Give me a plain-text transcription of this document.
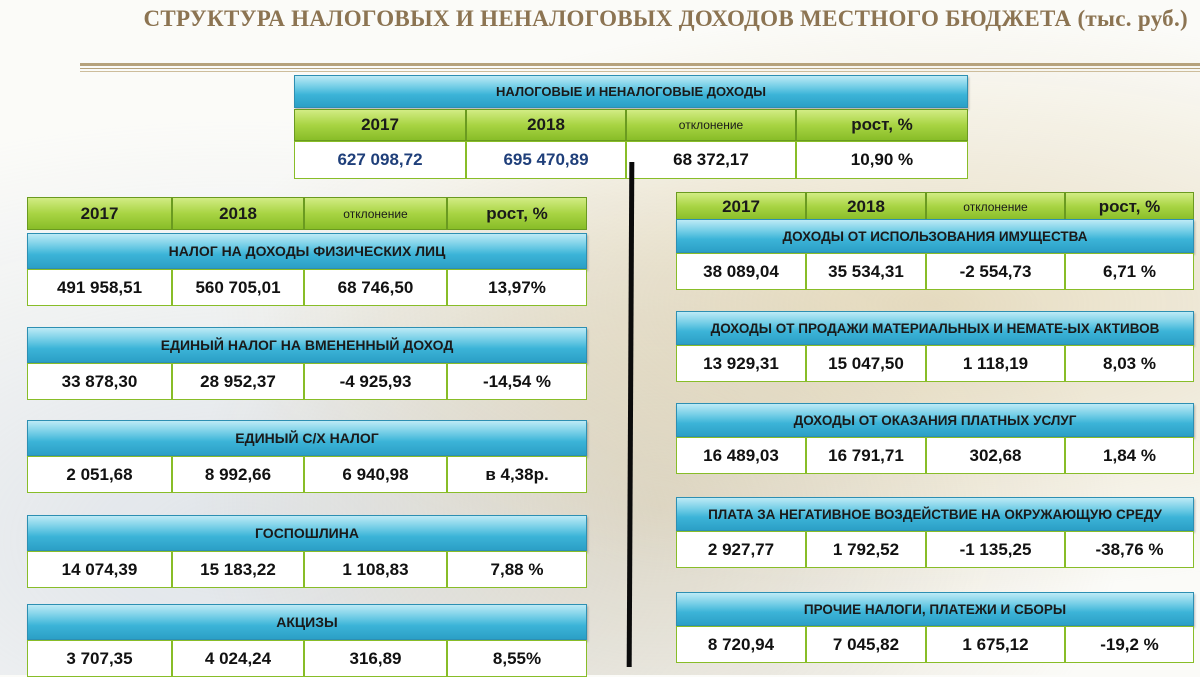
СТРУКТУРА НАЛОГОВЫХ И НЕНАЛОГОВЫХ ДОХОДОВ МЕСТНОГО БЮДЖЕТА (тыс. руб.)
НАЛОГОВЫЕ И НЕНАЛОГОВЫЕ ДОХОДЫ
2017	2018	отклонение	рост, %
627 098,72	695 470,89	68 372,17	10,90 %
2017	2018	отклонение	рост, %
НАЛОГ НА ДОХОДЫ ФИЗИЧЕСКИХ ЛИЦ
491 958,51	560 705,01	68 746,50	13,97%
ЕДИНЫЙ НАЛОГ НА ВМЕНЕННЫЙ ДОХОД
33 878,30	28 952,37	-4 925,93	-14,54 %
ЕДИНЫЙ С/Х НАЛОГ
2 051,68	8 992,66	6 940,98	в 4,38р.
ГОСПОШЛИНА
14 074,39	15 183,22	1 108,83	7,88 %
АКЦИЗЫ
3 707,35	4 024,24	316,89	8,55%
2017	2018	отклонение	рост, %
ДОХОДЫ ОТ ИСПОЛЬЗОВАНИЯ ИМУЩЕСТВА
38 089,04	35 534,31	-2 554,73	6,71 %
ДОХОДЫ ОТ ПРОДАЖИ МАТЕРИАЛЬНЫХ И НЕМАТЕ-ЫХ АКТИВОВ
13 929,31	15 047,50	1 118,19	8,03 %
ДОХОДЫ ОТ ОКАЗАНИЯ ПЛАТНЫХ УСЛУГ
16 489,03	16 791,71	302,68	1,84 %
ПЛАТА ЗА НЕГАТИВНОЕ ВОЗДЕЙСТВИЕ НА ОКРУЖАЮЩУЮ СРЕДУ
2 927,77	1 792,52	-1 135,25	-38,76 %
ПРОЧИЕ НАЛОГИ, ПЛАТЕЖИ И СБОРЫ
8 720,94	7 045,82	1 675,12	-19,2 %
